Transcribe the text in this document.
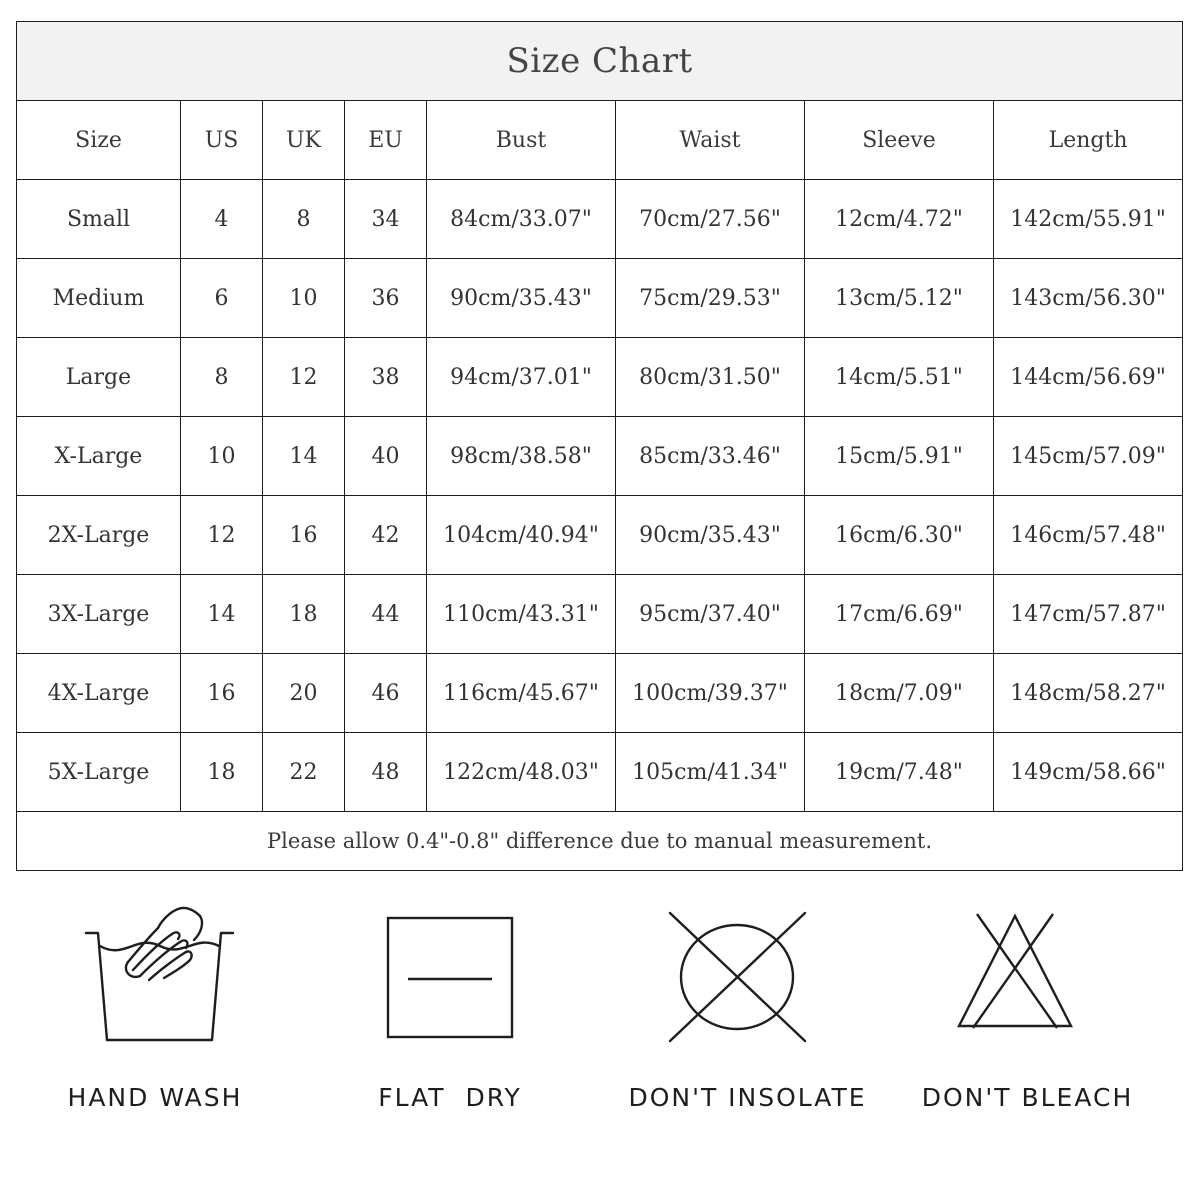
Size Chart							
Size	US	UK	EU	Bust	Waist	Sleeve	Length
Small	4	8	34	84cm/33.07"	70cm/27.56"	12cm/4.72"	142cm/55.91"
Medium	6	10	36	90cm/35.43"	75cm/29.53"	13cm/5.12"	143cm/56.30"
Large	8	12	38	94cm/37.01"	80cm/31.50"	14cm/5.51"	144cm/56.69"
X-Large	10	14	40	98cm/38.58"	85cm/33.46"	15cm/5.91"	145cm/57.09"
2X-Large	12	16	42	104cm/40.94"	90cm/35.43"	16cm/6.30"	146cm/57.48"
3X-Large	14	18	44	110cm/43.31"	95cm/37.40"	17cm/6.69"	147cm/57.87"
4X-Large	16	20	46	116cm/45.67"	100cm/39.37"	18cm/7.09"	148cm/58.27"
5X-Large	18	22	48	122cm/48.03"	105cm/41.34"	19cm/7.48"	149cm/58.66"
Please allow 0.4"-0.8" difference due to manual measurement.							
HAND WASH	FLAT  DRY	DON'T INSOLATE	DON'T BLEACH
